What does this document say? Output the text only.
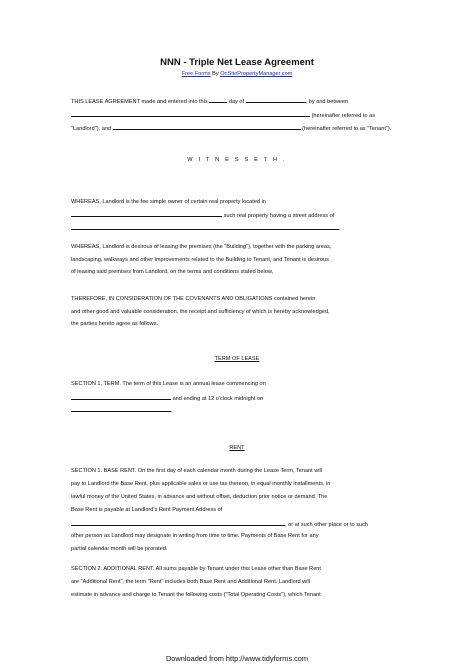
NNN - Triple Net Lease Agreement
Free Forms By OnSitePropertyManager.com
THIS LEASE AGREEMENT made and entered into this	day of	, by and between
(hereinafter referred to as
"Landlord"), and	(hereinafter referred to as "Tenant").
W I T N E S S E T H .
WHEREAS, Landlord is the fee simple owner of certain real property located in
such real property having a street address of
.
WHEREAS, Landlord is desirous of leasing the premises (the "Building"), together with the parking areas,
landscaping, walkways and other improvements related to the Building to Tenant, and Tenant is desirous
of leasing said premises from Landlord, on the terms and conditions stated below,
THEREFORE, IN CONSIDERATION OF THE COVENANTS AND OBLIGATIONS contained herein
and other good and valuable consideration, the receipt and sufficiency of which is hereby acknowledged,
the parties hereto agree as follows.
TERM OF LEASE
SECTION 1. TERM. The term of this Lease is an annual lease commencing on
and ending at 12 o'clock midnight on
.
RENT
SECTION 1. BASE RENT. On the first day of each calendar month during the Lease Term, Tenant will
pay to Landlord the Base Rent, plus applicable sales or use tax thereon, in equal monthly installments, in
lawful money of the United States, in advance and without offset, deduction prior notice or demand. The
Base Rent is payable at Landlord's Rent Payment Address of
, or at such other place or to such
other person as Landlord may designate in writing from time to time. Payments of Base Rent for any
partial calendar month will be prorated.
SECTION 2. ADDITIONAL RENT. All sums payable by Tenant under this Lease other than Base Rent
are "Additional Rent", the term "Rent" includes both Base Rent and Additional Rent. Landlord will
estimate in advance and charge to Tenant the following costs ("Total Operating Costs"), which Tenant
Downloaded from http://www.tidyforms.com
